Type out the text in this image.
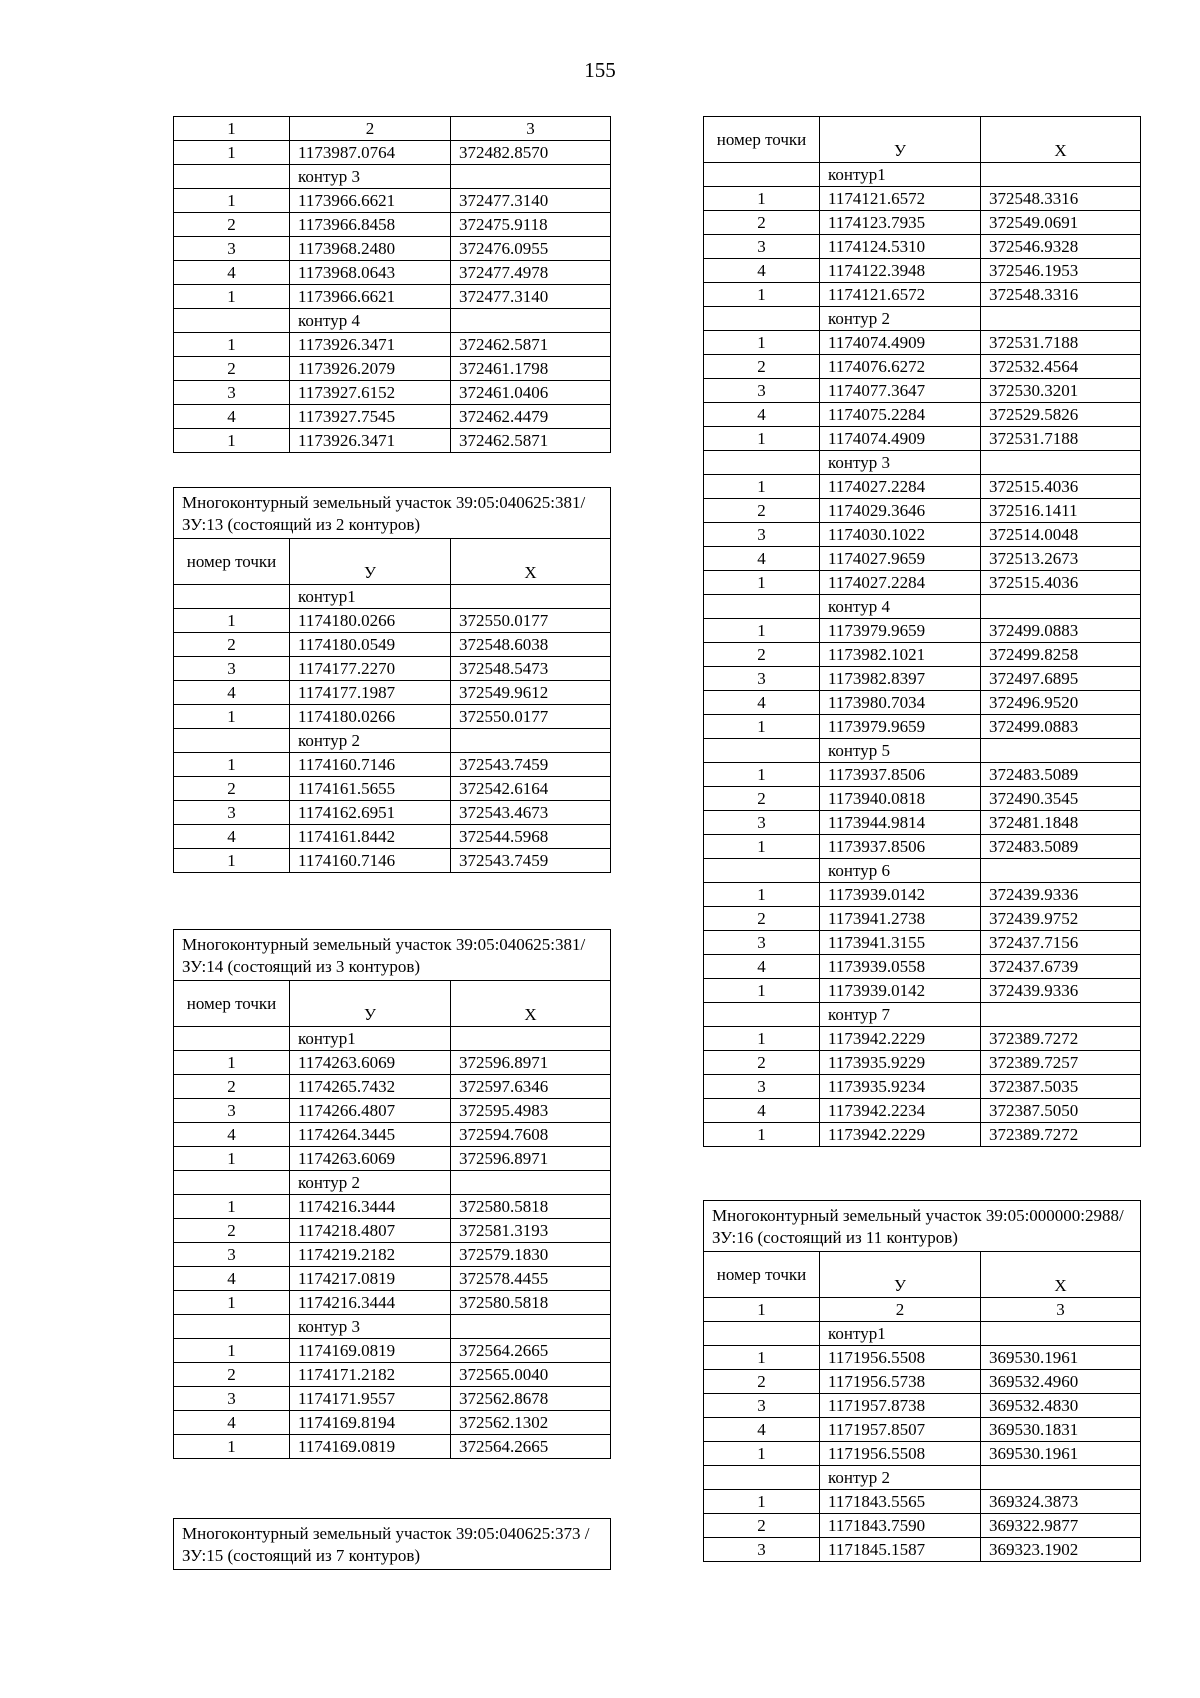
155
1	2	3
1	1173987.0764	372482.8570
	контур 3	
1	1173966.6621	372477.3140
2	1173966.8458	372475.9118
3	1173968.2480	372476.0955
4	1173968.0643	372477.4978
1	1173966.6621	372477.3140
	контур 4	
1	1173926.3471	372462.5871
2	1173926.2079	372461.1798
3	1173927.6152	372461.0406
4	1173927.7545	372462.4479
1	1173926.3471	372462.5871
Многоконтурный земельный участок 39:05:040625:381/ЗУ:13 (состоящий из 2 контуров)		
номер точки	У	Х
	контур1	
1	1174180.0266	372550.0177
2	1174180.0549	372548.6038
3	1174177.2270	372548.5473
4	1174177.1987	372549.9612
1	1174180.0266	372550.0177
	контур 2	
1	1174160.7146	372543.7459
2	1174161.5655	372542.6164
3	1174162.6951	372543.4673
4	1174161.8442	372544.5968
1	1174160.7146	372543.7459
Многоконтурный земельный участок 39:05:040625:381/ЗУ:14 (состоящий из 3 контуров)		
номер точки	У	Х
	контур1	
1	1174263.6069	372596.8971
2	1174265.7432	372597.6346
3	1174266.4807	372595.4983
4	1174264.3445	372594.7608
1	1174263.6069	372596.8971
	контур 2	
1	1174216.3444	372580.5818
2	1174218.4807	372581.3193
3	1174219.2182	372579.1830
4	1174217.0819	372578.4455
1	1174216.3444	372580.5818
	контур 3	
1	1174169.0819	372564.2665
2	1174171.2182	372565.0040
3	1174171.9557	372562.8678
4	1174169.8194	372562.1302
1	1174169.0819	372564.2665
Многоконтурный земельный участок 39:05:040625:373 /ЗУ:15 (состоящий из 7 контуров)
номер точки	У	Х
	контур1	
1	1174121.6572	372548.3316
2	1174123.7935	372549.0691
3	1174124.5310	372546.9328
4	1174122.3948	372546.1953
1	1174121.6572	372548.3316
	контур 2	
1	1174074.4909	372531.7188
2	1174076.6272	372532.4564
3	1174077.3647	372530.3201
4	1174075.2284	372529.5826
1	1174074.4909	372531.7188
	контур 3	
1	1174027.2284	372515.4036
2	1174029.3646	372516.1411
3	1174030.1022	372514.0048
4	1174027.9659	372513.2673
1	1174027.2284	372515.4036
	контур 4	
1	1173979.9659	372499.0883
2	1173982.1021	372499.8258
3	1173982.8397	372497.6895
4	1173980.7034	372496.9520
1	1173979.9659	372499.0883
	контур 5	
1	1173937.8506	372483.5089
2	1173940.0818	372490.3545
3	1173944.9814	372481.1848
1	1173937.8506	372483.5089
	контур 6	
1	1173939.0142	372439.9336
2	1173941.2738	372439.9752
3	1173941.3155	372437.7156
4	1173939.0558	372437.6739
1	1173939.0142	372439.9336
	контур 7	
1	1173942.2229	372389.7272
2	1173935.9229	372389.7257
3	1173935.9234	372387.5035
4	1173942.2234	372387.5050
1	1173942.2229	372389.7272
Многоконтурный земельный участок 39:05:000000:2988/ЗУ:16 (состоящий из 11 контуров)		
номер точки	У	Х
1	2	3
	контур1	
1	1171956.5508	369530.1961
2	1171956.5738	369532.4960
3	1171957.8738	369532.4830
4	1171957.8507	369530.1831
1	1171956.5508	369530.1961
	контур 2	
1	1171843.5565	369324.3873
2	1171843.7590	369322.9877
3	1171845.1587	369323.1902
